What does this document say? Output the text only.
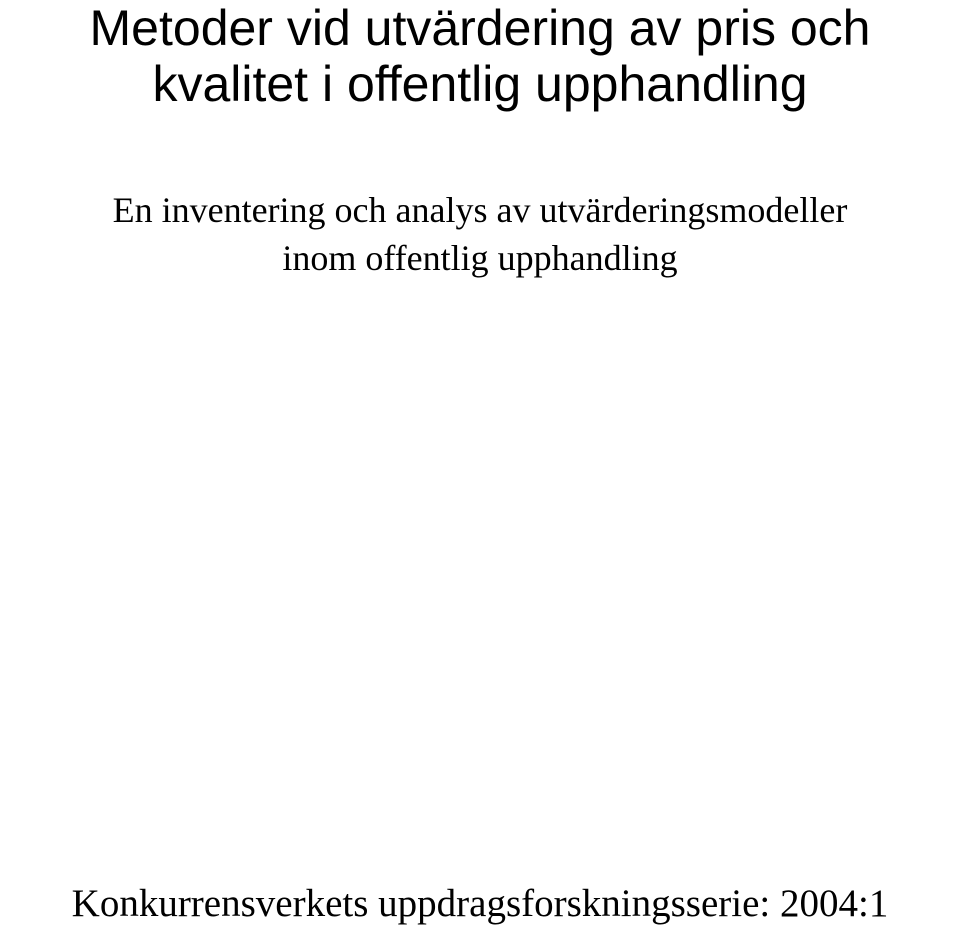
Metoder vid utvärdering av pris och
kvalitet i offentlig upphandling
En inventering och analys av utvärderingsmodeller
inom offentlig upphandling
Konkurrensverkets uppdragsforskningsserie: 2004:1
